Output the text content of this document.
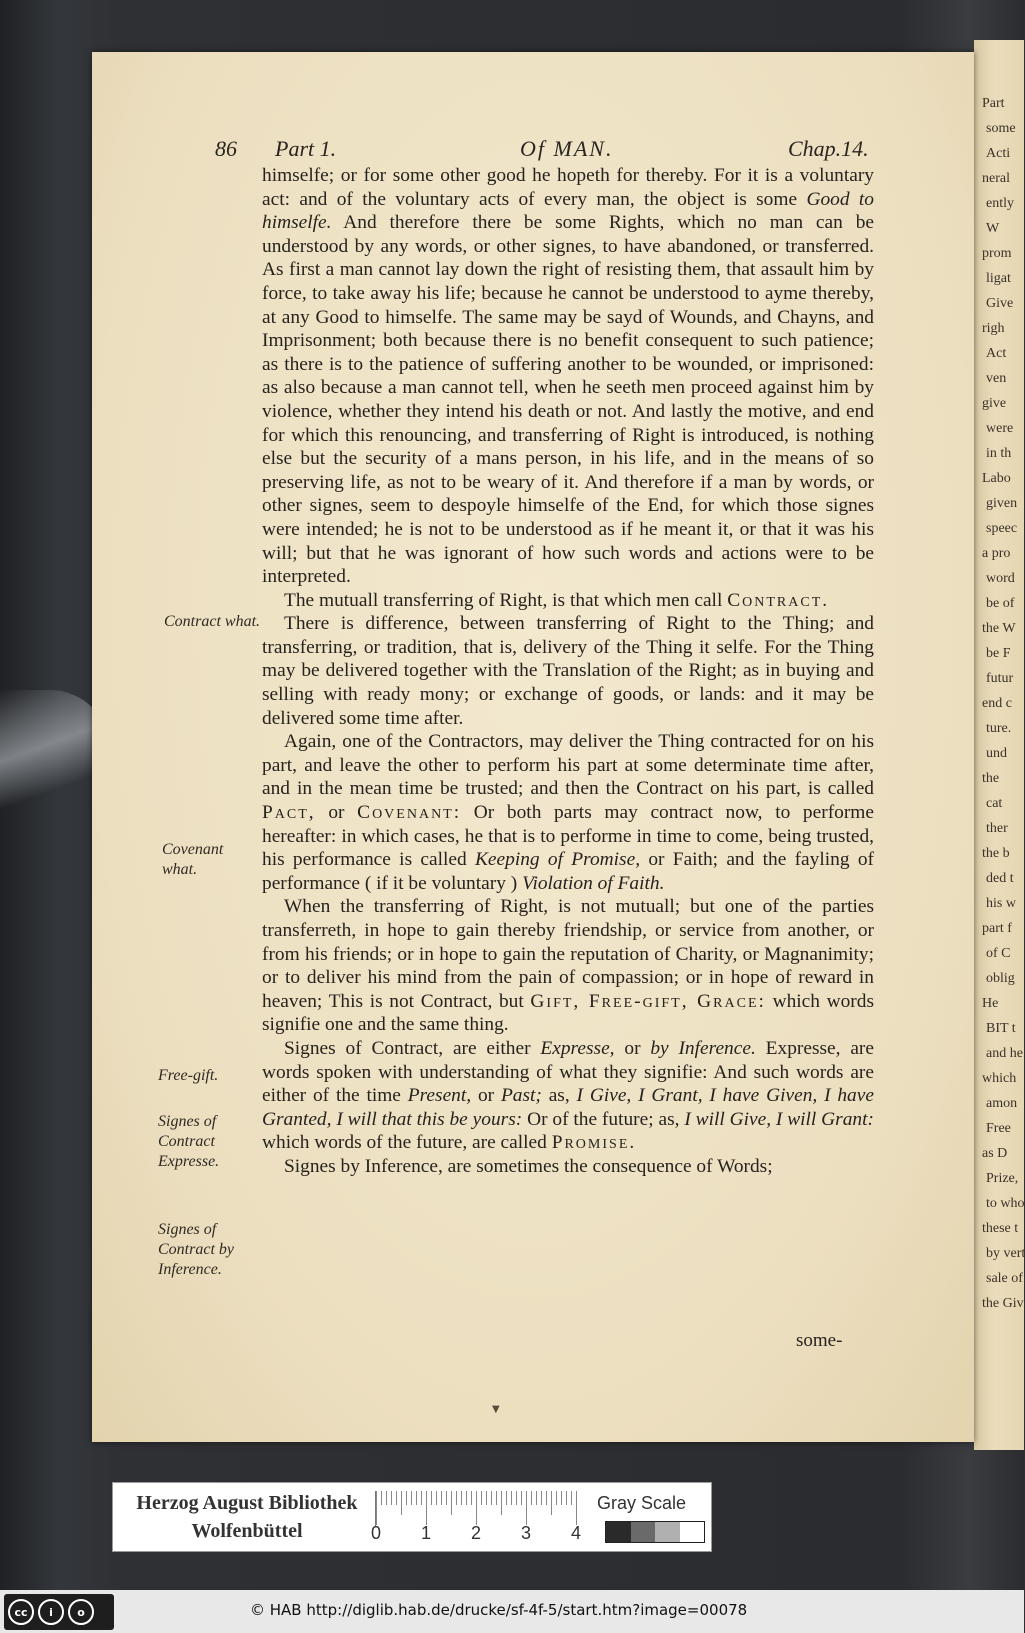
Part
some
Acti
neral
ently
W
prom
ligat
Give
righ
Act
ven
give
were
in th
Labo
given
speec
a pro
word
be of
the W
be F
futur
end c
ture.
und
the
cat
ther
the b
ded t
his w
part f
of C
oblig
He
BIT t
and he
which
amon
Free
as D
Prize,
to who
these t
by vert
sale of
the Giv
86 Part 1.	Of MAN.	Chap.14.
Contract what.
Covenant what.
Free-gift.
Signes of Contract Expresse.
Signes of Contract by Inference.

himselfe; or for some other good he hopeth for thereby. For it is a voluntary act: and of the voluntary acts of every man, the object is some Good to himselfe. And therefore there be some Rights, which no man can be understood by any words, or other signes, to have abandoned, or transferred. As first a man cannot lay down the right of resisting them, that assault him by force, to take away his life; because he cannot be understood to ayme thereby, at any Good to himselfe. The same may be sayd of Wounds, and Chayns, and Imprisonment; both because there is no benefit consequent to such patience; as there is to the patience of suffering another to be wounded, or imprisoned: as also because a man cannot tell, when he seeth men proceed against him by violence, whether they intend his death or not. And lastly the motive, and end for which this renouncing, and transferring of Right is introduced, is nothing else but the security of a mans person, in his life, and in the means of so preserving life, as not to be weary of it. And therefore if a man by words, or other signes, seem to despoyle himselfe of the End, for which those signes were intended; he is not to be understood as if he meant it, or that it was his will; but that he was ignorant of how such words and actions were to be interpreted.

The mutuall transferring of Right, is that which men call Contract.

There is difference, between transferring of Right to the Thing; and transferring, or tradition, that is, delivery of the Thing it selfe. For the Thing may be delivered together with the Translation of the Right; as in buying and selling with ready mony; or exchange of goods, or lands: and it may be delivered some time after.

Again, one of the Contractors, may deliver the Thing contracted for on his part, and leave the other to perform his part at some determinate time after, and in the mean time be trusted; and then the Contract on his part, is called Pact, or Covenant: Or both parts may contract now, to performe hereafter: in which cases, he that is to performe in time to come, being trusted, his performance is called Keeping of Promise, or Faith; and the fayling of performance ( if it be voluntary ) Violation of Faith.

When the transferring of Right, is not mutuall; but one of the parties transferreth, in hope to gain thereby friendship, or service from another, or from his friends; or in hope to gain the reputation of Charity, or Magnanimity; or to deliver his mind from the pain of compassion; or in hope of reward in heaven; This is not Contract, but Gift, Free-gift, Grace: which words signifie one and the same thing.

Signes of Contract, are either Expresse, or by Inference. Expresse, are words spoken with understanding of what they signifie: And such words are either of the time Present, or Past; as, I Give, I Grant, I have Given, I have Granted, I will that this be yours: Or of the future; as, I will Give, I will Grant: which words of the future, are called Promise.

Signes by Inference, are sometimes the consequence of Words;

some-
▼
Herzog August Bibliothek
Wolfenbüttel
Gray Scale
0 1 2 3 4
cc	i	o	© HAB http://diglib.hab.de/drucke/sf-4f-5/start.htm?image=00078
